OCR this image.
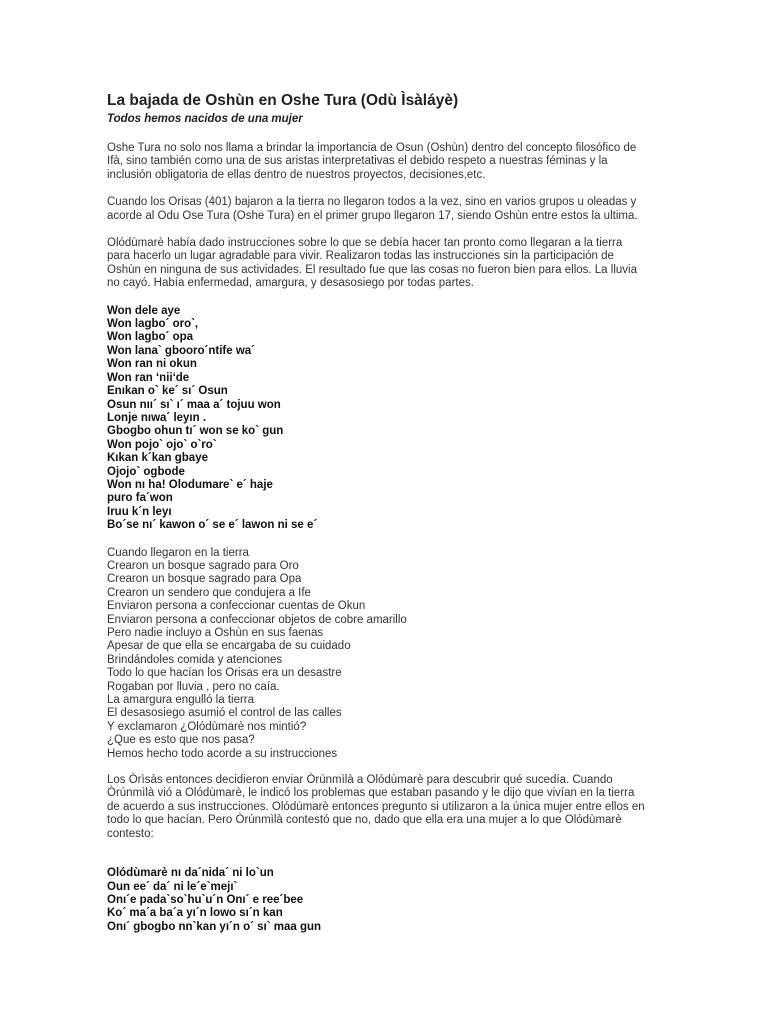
La bajada de Oshùn en Oshe Tura (Odù Ìsàláyè)
Todos hemos nacidos de una mujer

Oshe Tura no solo nos llama a brindar la importancia de Osun (Oshùn) dentro del concepto filosófico de Ifà, sino también como una de sus aristas interpretativas el debido respeto a nuestras féminas y la inclusión obligatoria de ellas dentro de nuestros proyectos, decisiones,etc.

Cuando los Orisas (401) bajaron a la tierra no llegaron todos a la vez, sino en varios grupos u oleadas y acorde al Odu Ose Tura (Oshe Tura) en el primer grupo llegaron 17, siendo Oshùn entre estos la ultima.

Olódùmarè había dado instrucciones sobre lo que se debía hacer tan pronto como llegaran a la tierra para hacerlo un lugar agradable para vivir. Realizaron todas las instrucciones sin la participación de Oshùn en ninguna de sus actividades. El resultado fue que las cosas no fueron bien para ellos. La lluvia no cayó. Había enfermedad, amargura, y desasosiego por todas partes.

Won dele aye
Won lagbo´ oro`,
Won lagbo´ opa
Won lana` gbooro´ntife wa´
Won ran ni okun
Won ran ‘nii‘de
Enıkan o` ke´ sı´ Osun
Osun nıı´ sı` ı´ maa a´ tojuu won
Lonje nıwa´ leyın .
Gbogbo ohun tı´ won se ko` gun
Won pojo` ojo` o`ro`
Kıkan k´kan gbaye
Ojojo` ogbode
Won nı ha! Olodumare` e´ haje
puro fa´won
Iruu k´n leyı
Bo´se nı´ kawon o´ se e´ lawon ni se e´
Cuando llegaron en la tierra
Crearon un bosque sagrado para Oro
Crearon un bosque sagrado para Opa
Crearon un sendero que condujera a Ife
Enviaron persona a confeccionar cuentas de Okun
Enviaron persona a confeccionar objetos de cobre amarillo
Pero nadie incluyo a Oshùn en sus faenas
Apesar de que ella se encargaba de su cuidado
Brindándoles comida y atenciones
Todo lo que hacían los Orisas era un desastre
Rogaban por lluvia , pero no caía.
La amargura engulló la tierra
El desasosiego asumió el control de las calles
Y exclamaron ¿Olódùmarè nos mintió?
¿Que es esto que nos pasa?
Hemos hecho todo acorde a su instrucciones

Los Òrìsàs entonces decidieron enviar Òrúnmìlà a Olódùmarè para descubrir qué sucedía. Cuando Òrúnmìlà vió a Olódùmarè, le indicó los problemas que estaban pasando y le dijo que vivían en la tierra de acuerdo a sus instrucciones. Olódùmarè entonces pregunto si utilizaron a la única mujer entre ellos en todo lo que hacían. Pero Òrúnmìlà contestó que no, dado que ella era una mujer a lo que Olódùmarè contesto:

Olódùmarè nı da´nida´ ni lo`un
Oun ee´ da´ ni le´e`mejı`
Onı´e pada`so`hu`u´n Onı´ e ree´bee
Ko´ ma´a ba´a yı´n lowo sı´n kan
Onı´ gbogbo nn`kan yı´n o´ sı` maa gun
